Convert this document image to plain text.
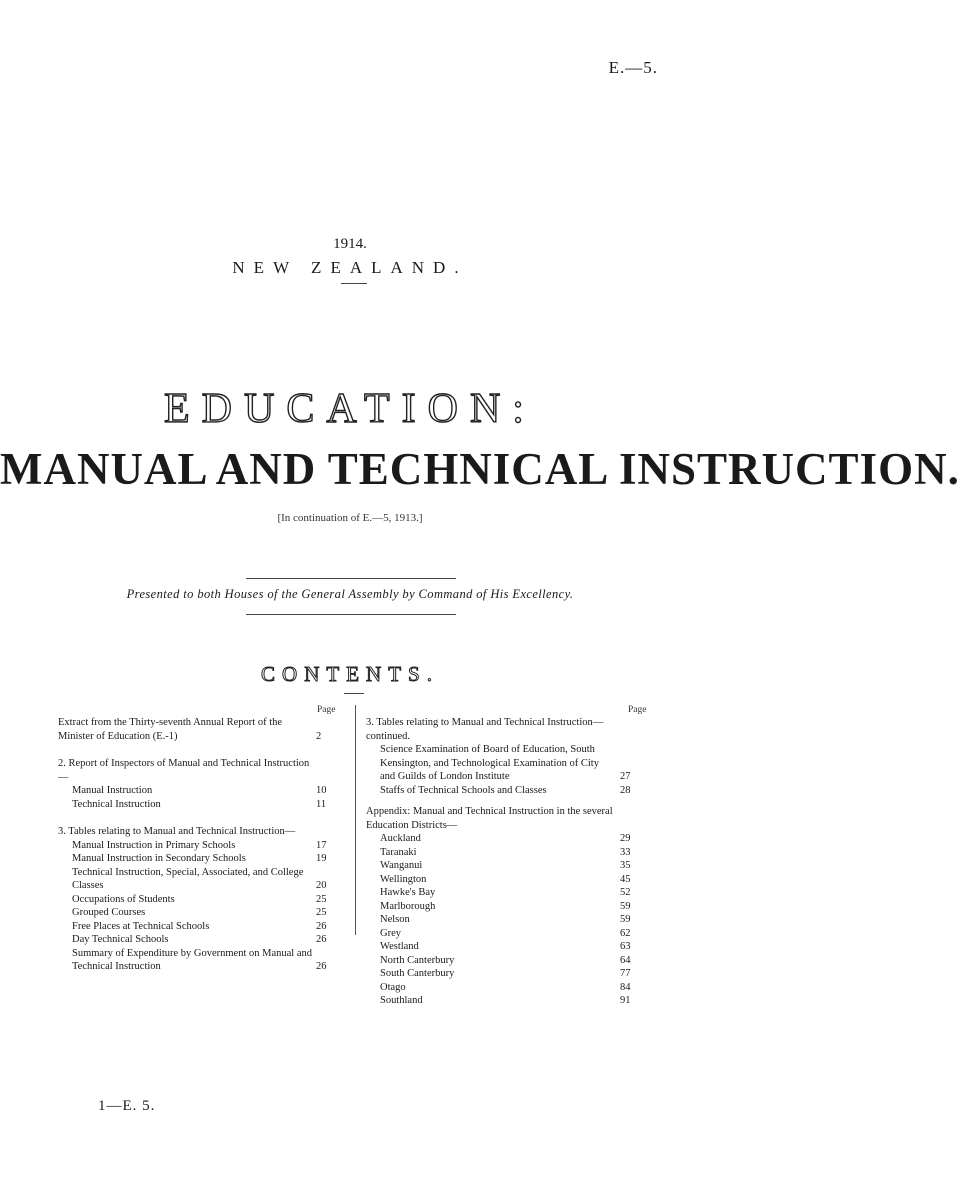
E.—5.
1914.
NEW ZEALAND.
EDUCATION:
MANUAL AND TECHNICAL INSTRUCTION.
[In continuation of E.—5, 1913.]
Presented to both Houses of the General Assembly by Command of His Excellency.
CONTENTS.
Page	Page
Extract from the Thirty-seventh Annual Report of the Minister of Education (E.-1)	2
2. Report of Inspectors of Manual and Technical Instruction—
Manual Instruction	10
Technical Instruction	11
3. Tables relating to Manual and Technical Instruction—
Manual Instruction in Primary Schools	17
Manual Instruction in Secondary Schools	19
Technical Instruction, Special, Associated, and College Classes	20
Occupations of Students	25
Grouped Courses	25
Free Places at Technical Schools	26
Day Technical Schools	26
Summary of Expenditure by Government on Manual and Technical Instruction	26
3. Tables relating to Manual and Technical Instruction—continued.
Science Examination of Board of Education, South Kensington, and Technological Examination of City and Guilds of London Institute	27
Staffs of Technical Schools and Classes	28
Appendix: Manual and Technical Instruction in the several Education Districts—
Auckland	29
Taranaki	33
Wanganui	35
Wellington	45
Hawke's Bay	52
Marlborough	59
Nelson	59
Grey	62
Westland	63
North Canterbury	64
South Canterbury	77
Otago	84
Southland	91
1—E. 5.
